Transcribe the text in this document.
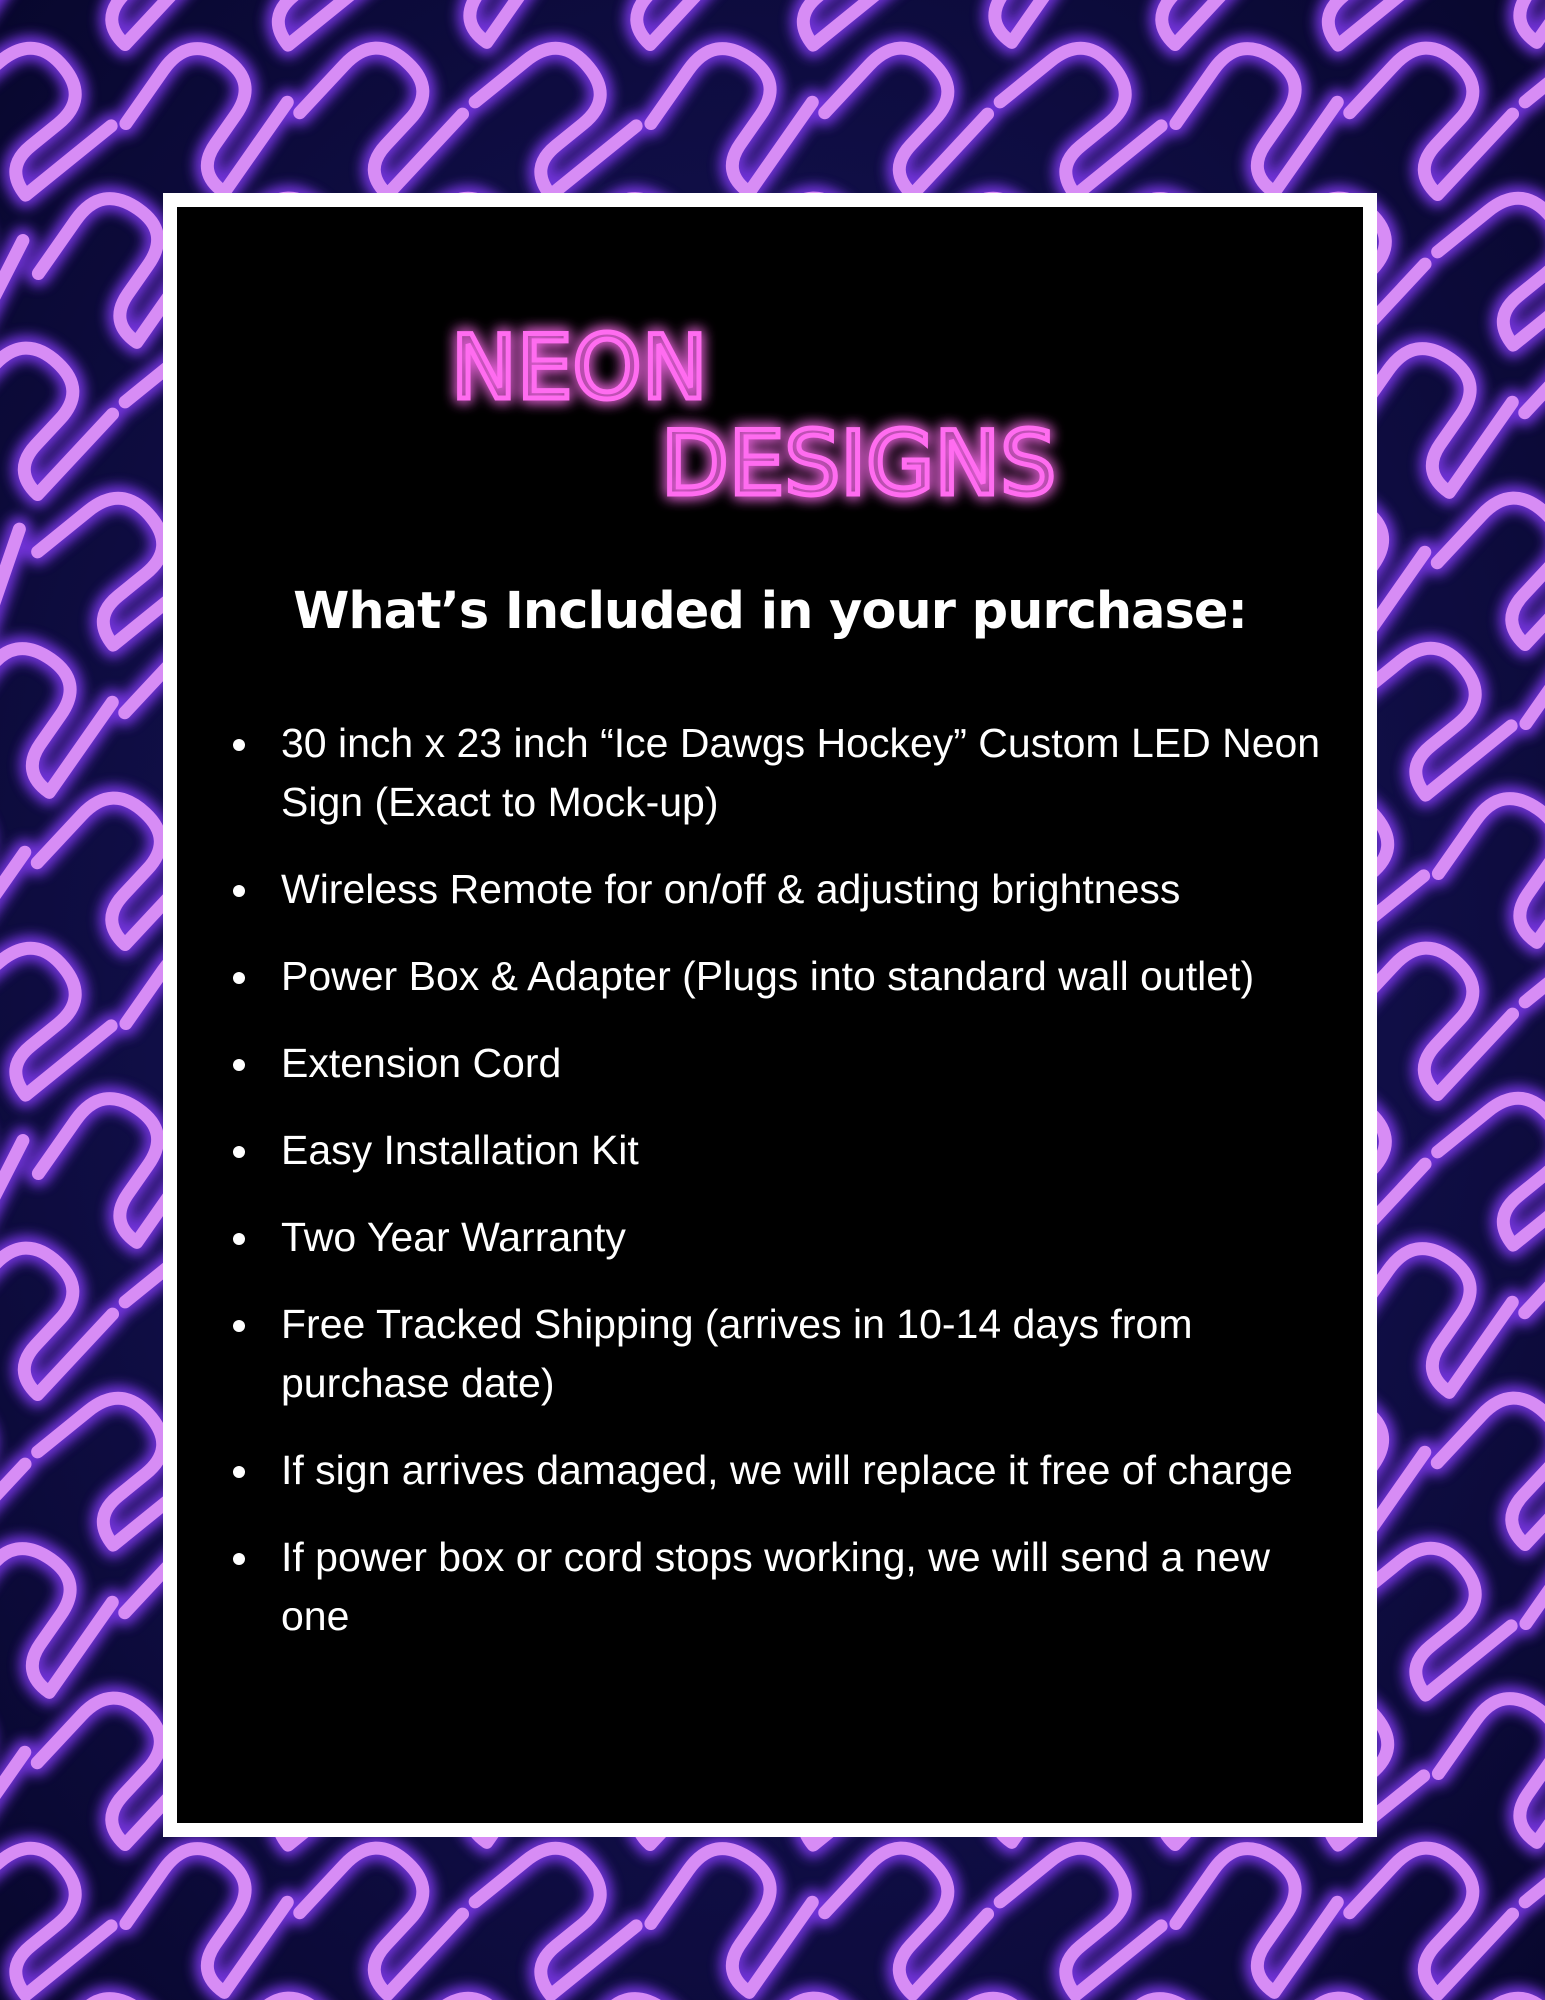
NEON
DESIGNS
What’s Included in your purchase:
30 inch x 23 inch “Ice Dawgs Hockey” Custom LED Neon Sign (Exact to Mock-up)
Wireless Remote for on/off & adjusting brightness
Power Box & Adapter (Plugs into standard wall outlet)
Extension Cord
Easy Installation Kit
Two Year Warranty
Free Tracked Shipping (arrives in 10-14 days from purchase date)
If sign arrives damaged, we will replace it free of charge
If power box or cord stops working, we will send a new one
